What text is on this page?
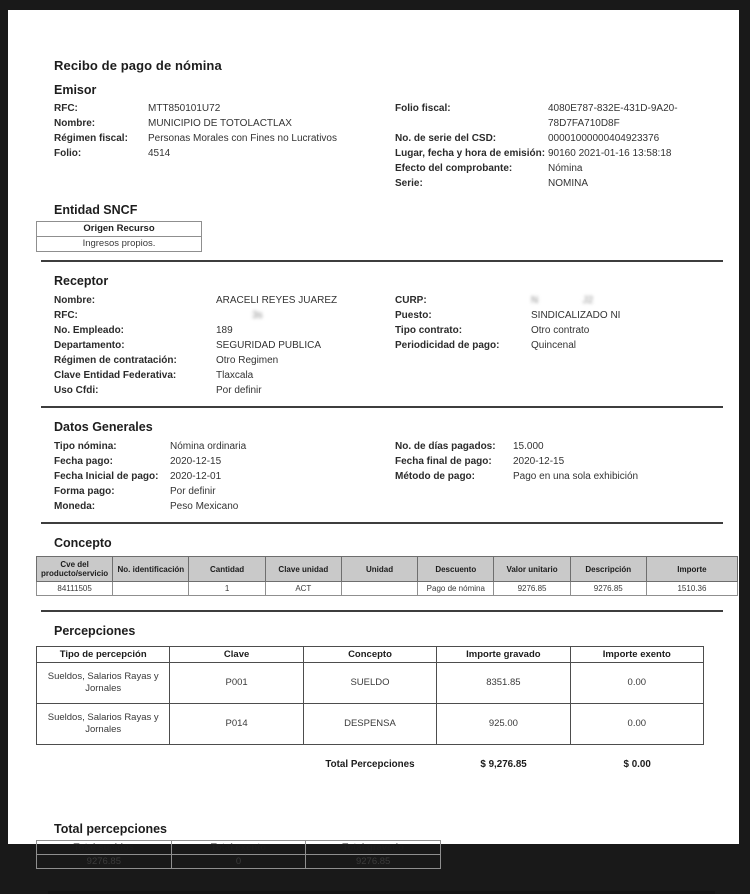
Recibo de pago de nómina
Emisor
RFC:	MTT850101U72
Nombre:	MUNICIPIO DE TOTOLACTLAX
Régimen fiscal:	Personas Morales con Fines no Lucrativos
Folio:	4514
Folio fiscal:	4080E787-832E-431D-9A20-78D7FA710D8F
No. de serie del CSD:	00001000000404923376
Lugar, fecha y hora de emisión: 90160 2021-01-16 13:58:18
Efecto del comprobante:	Nómina
Serie:	NOMINA
Entidad SNCF
Origen Recurso
Ingresos propios.
Receptor
Nombre:	ARACELI REYES JUAREZ
RFC:	3s
No. Empleado:	189
Departamento:	SEGURIDAD PUBLICA
Régimen de contratación:	Otro Regimen
Clave Entidad Federativa:	Tlaxcala
Uso Cfdi:	Por definir
CURP:	N                J2
Puesto:	SINDICALIZADO NI
Tipo contrato:	Otro contrato
Periodicidad de pago:	Quincenal
Datos Generales
Tipo nómina:	Nómina ordinaria
Fecha pago:	2020-12-15
Fecha Inicial de pago:	2020-12-01
Forma pago:	Por definir
Moneda:	Peso Mexicano
No. de días pagados:	15.000
Fecha final de pago:	2020-12-15
Método de pago:	Pago en una sola exhibición
Concepto
Cve del producto/servicio	No. identificación	Cantidad	Clave unidad	Unidad	Descuento	Valor unitario	Descripción	Importe
84111505		1	ACT		Pago de nómina	9276.85	9276.85	1510.36
Percepciones
Tipo de percepción	Clave	Concepto	Importe gravado	Importe exento
Sueldos, Salarios Rayas y Jornales	P001	SUELDO	8351.85	0.00
Sueldos, Salarios Rayas y Jornales	P014	DESPENSA	925.00	0.00
Total Percepciones	$ 9,276.85	$ 0.00
Total percepciones
Total sueldos	Total exento	Total gravado
9276.85	0	9276.85
